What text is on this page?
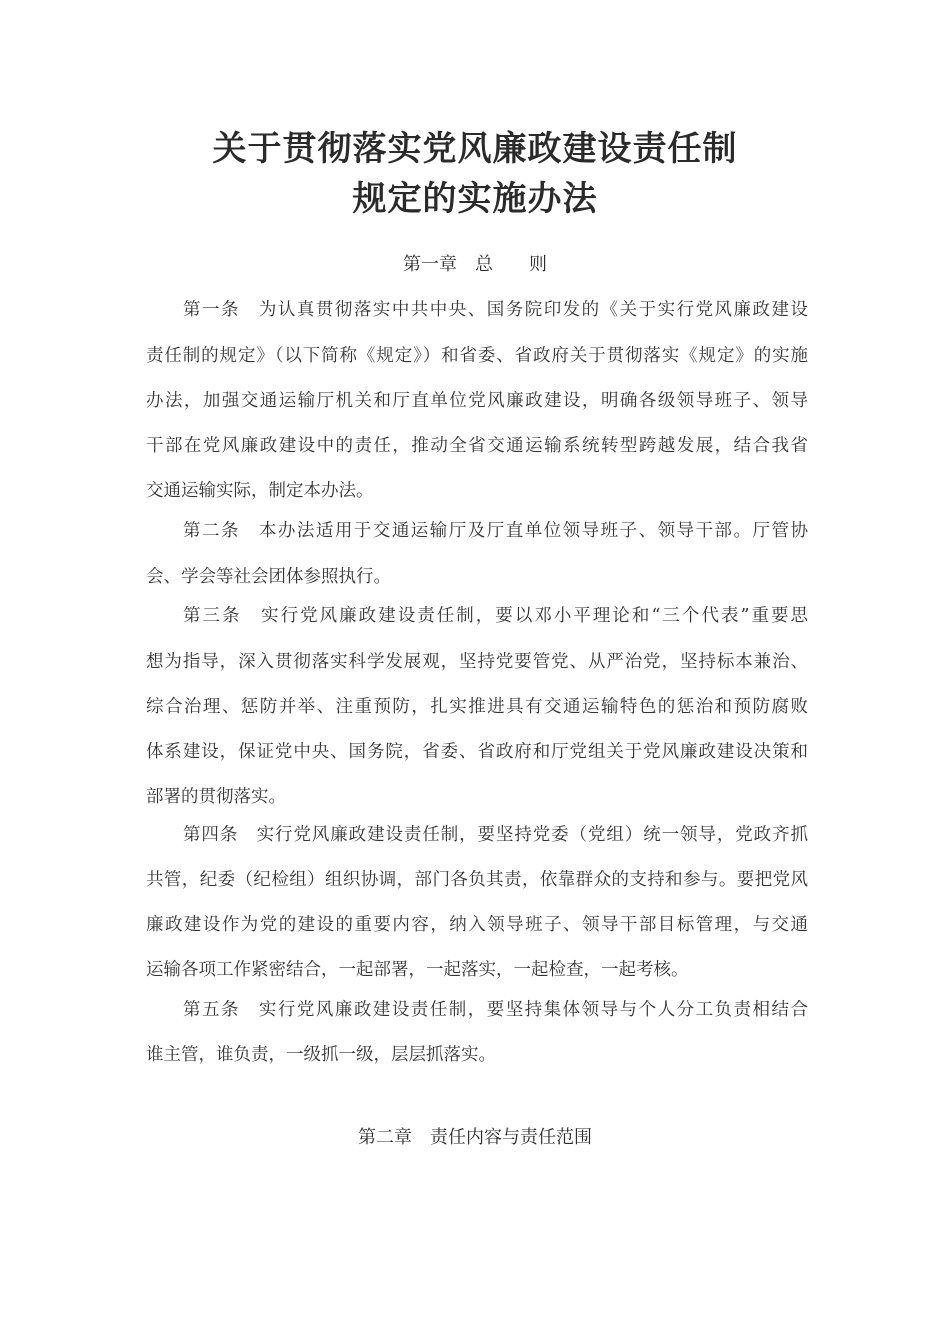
关于贯彻落实党风廉政建设责任制
规定的实施办法
第一章　总　　则
第一条　为认真贯彻落实中共中央、国务院印发的《关于实行党风廉政建设
责任制的规定》（以下简称《规定》）和省委、省政府关于贯彻落实《规定》的实施
办法，加强交通运输厅机关和厅直单位党风廉政建设，明确各级领导班子、领导
干部在党风廉政建设中的责任，推动全省交通运输系统转型跨越发展，结合我省
交通运输实际，制定本办法。
第二条　本办法适用于交通运输厅及厅直单位领导班子、领导干部。厅管协
会、学会等社会团体参照执行。
第三条　实行党风廉政建设责任制，要以邓小平理论和“三个代表”重要思
想为指导，深入贯彻落实科学发展观，坚持党要管党、从严治党，坚持标本兼治、
综合治理、惩防并举、注重预防，扎实推进具有交通运输特色的惩治和预防腐败
体系建设，保证党中央、国务院，省委、省政府和厅党组关于党风廉政建设决策和
部署的贯彻落实。
第四条　实行党风廉政建设责任制，要坚持党委（党组）统一领导，党政齐抓
共管，纪委（纪检组）组织协调，部门各负其责，依靠群众的支持和参与。要把党风
廉政建设作为党的建设的重要内容，纳入领导班子、领导干部目标管理，与交通
运输各项工作紧密结合，一起部署，一起落实，一起检查，一起考核。
第五条　实行党风廉政建设责任制，要坚持集体领导与个人分工负责相结合
谁主管，谁负责，一级抓一级，层层抓落实。
第二章　责任内容与责任范围
